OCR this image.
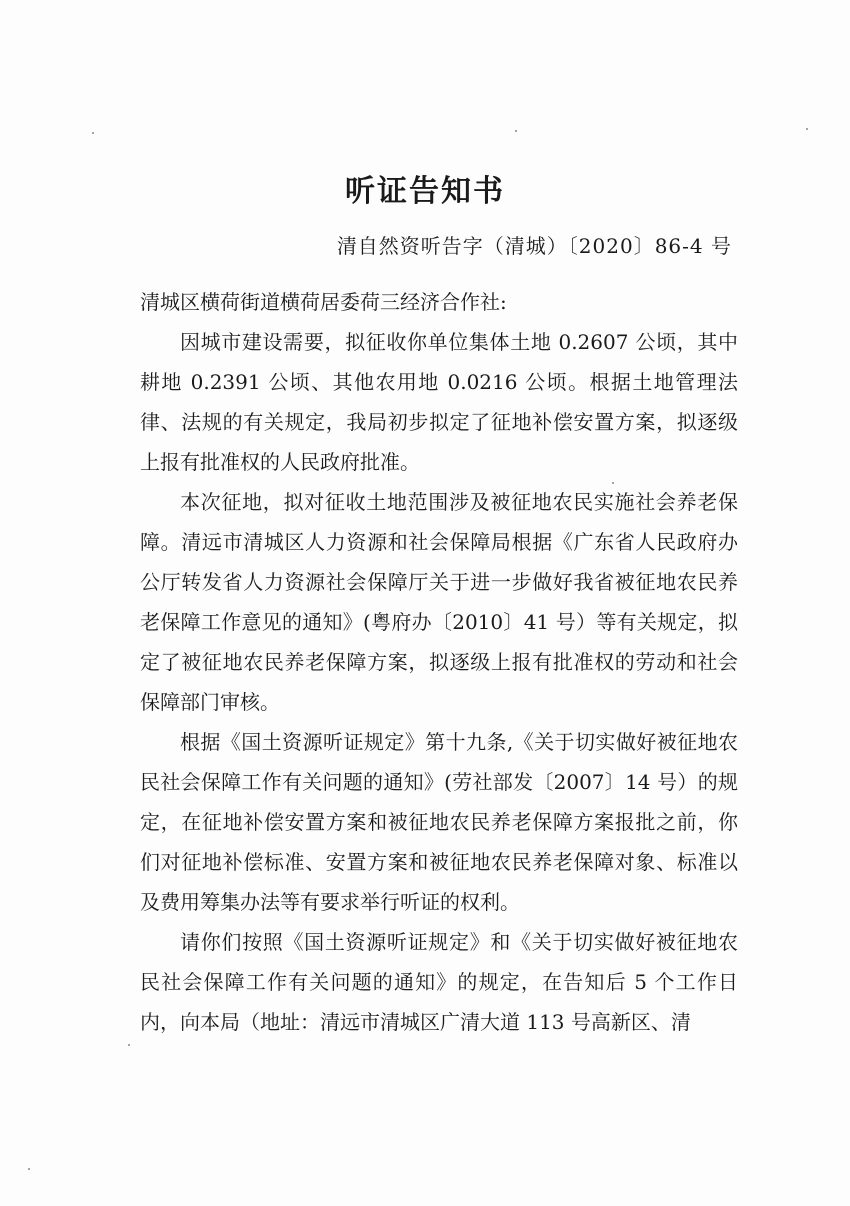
听证告知书
清自然资听告字（清城）〔2020〕86-4 号

清城区横荷街道横荷居委荷三经济合作社:

因城市建设需要，拟征收你单位集体土地 0.2607 公顷，其中耕地 0.2391 公顷、其他农用地 0.0216 公顷。根据土地管理法律、法规的有关规定，我局初步拟定了征地补偿安置方案，拟逐级上报有批准权的人民政府批准。

本次征地，拟对征收土地范围涉及被征地农民实施社会养老保障。清远市清城区人力资源和社会保障局根据《广东省人民政府办公厅转发省人力资源社会保障厅关于进一步做好我省被征地农民养老保障工作意见的通知》(粤府办〔2010〕41 号）等有关规定，拟定了被征地农民养老保障方案，拟逐级上报有批准权的劳动和社会保障部门审核。

根据《国土资源听证规定》第十九条,《关于切实做好被征地农民社会保障工作有关问题的通知》(劳社部发〔2007〕14 号）的规定，在征地补偿安置方案和被征地农民养老保障方案报批之前，你们对征地补偿标准、安置方案和被征地农民养老保障对象、标准以及费用筹集办法等有要求举行听证的权利。

请你们按照《国土资源听证规定》和《关于切实做好被征地农民社会保障工作有关问题的通知》的规定，在告知后 5 个工作日内，向本局（地址：清远市清城区广清大道 113 号高新区、清
